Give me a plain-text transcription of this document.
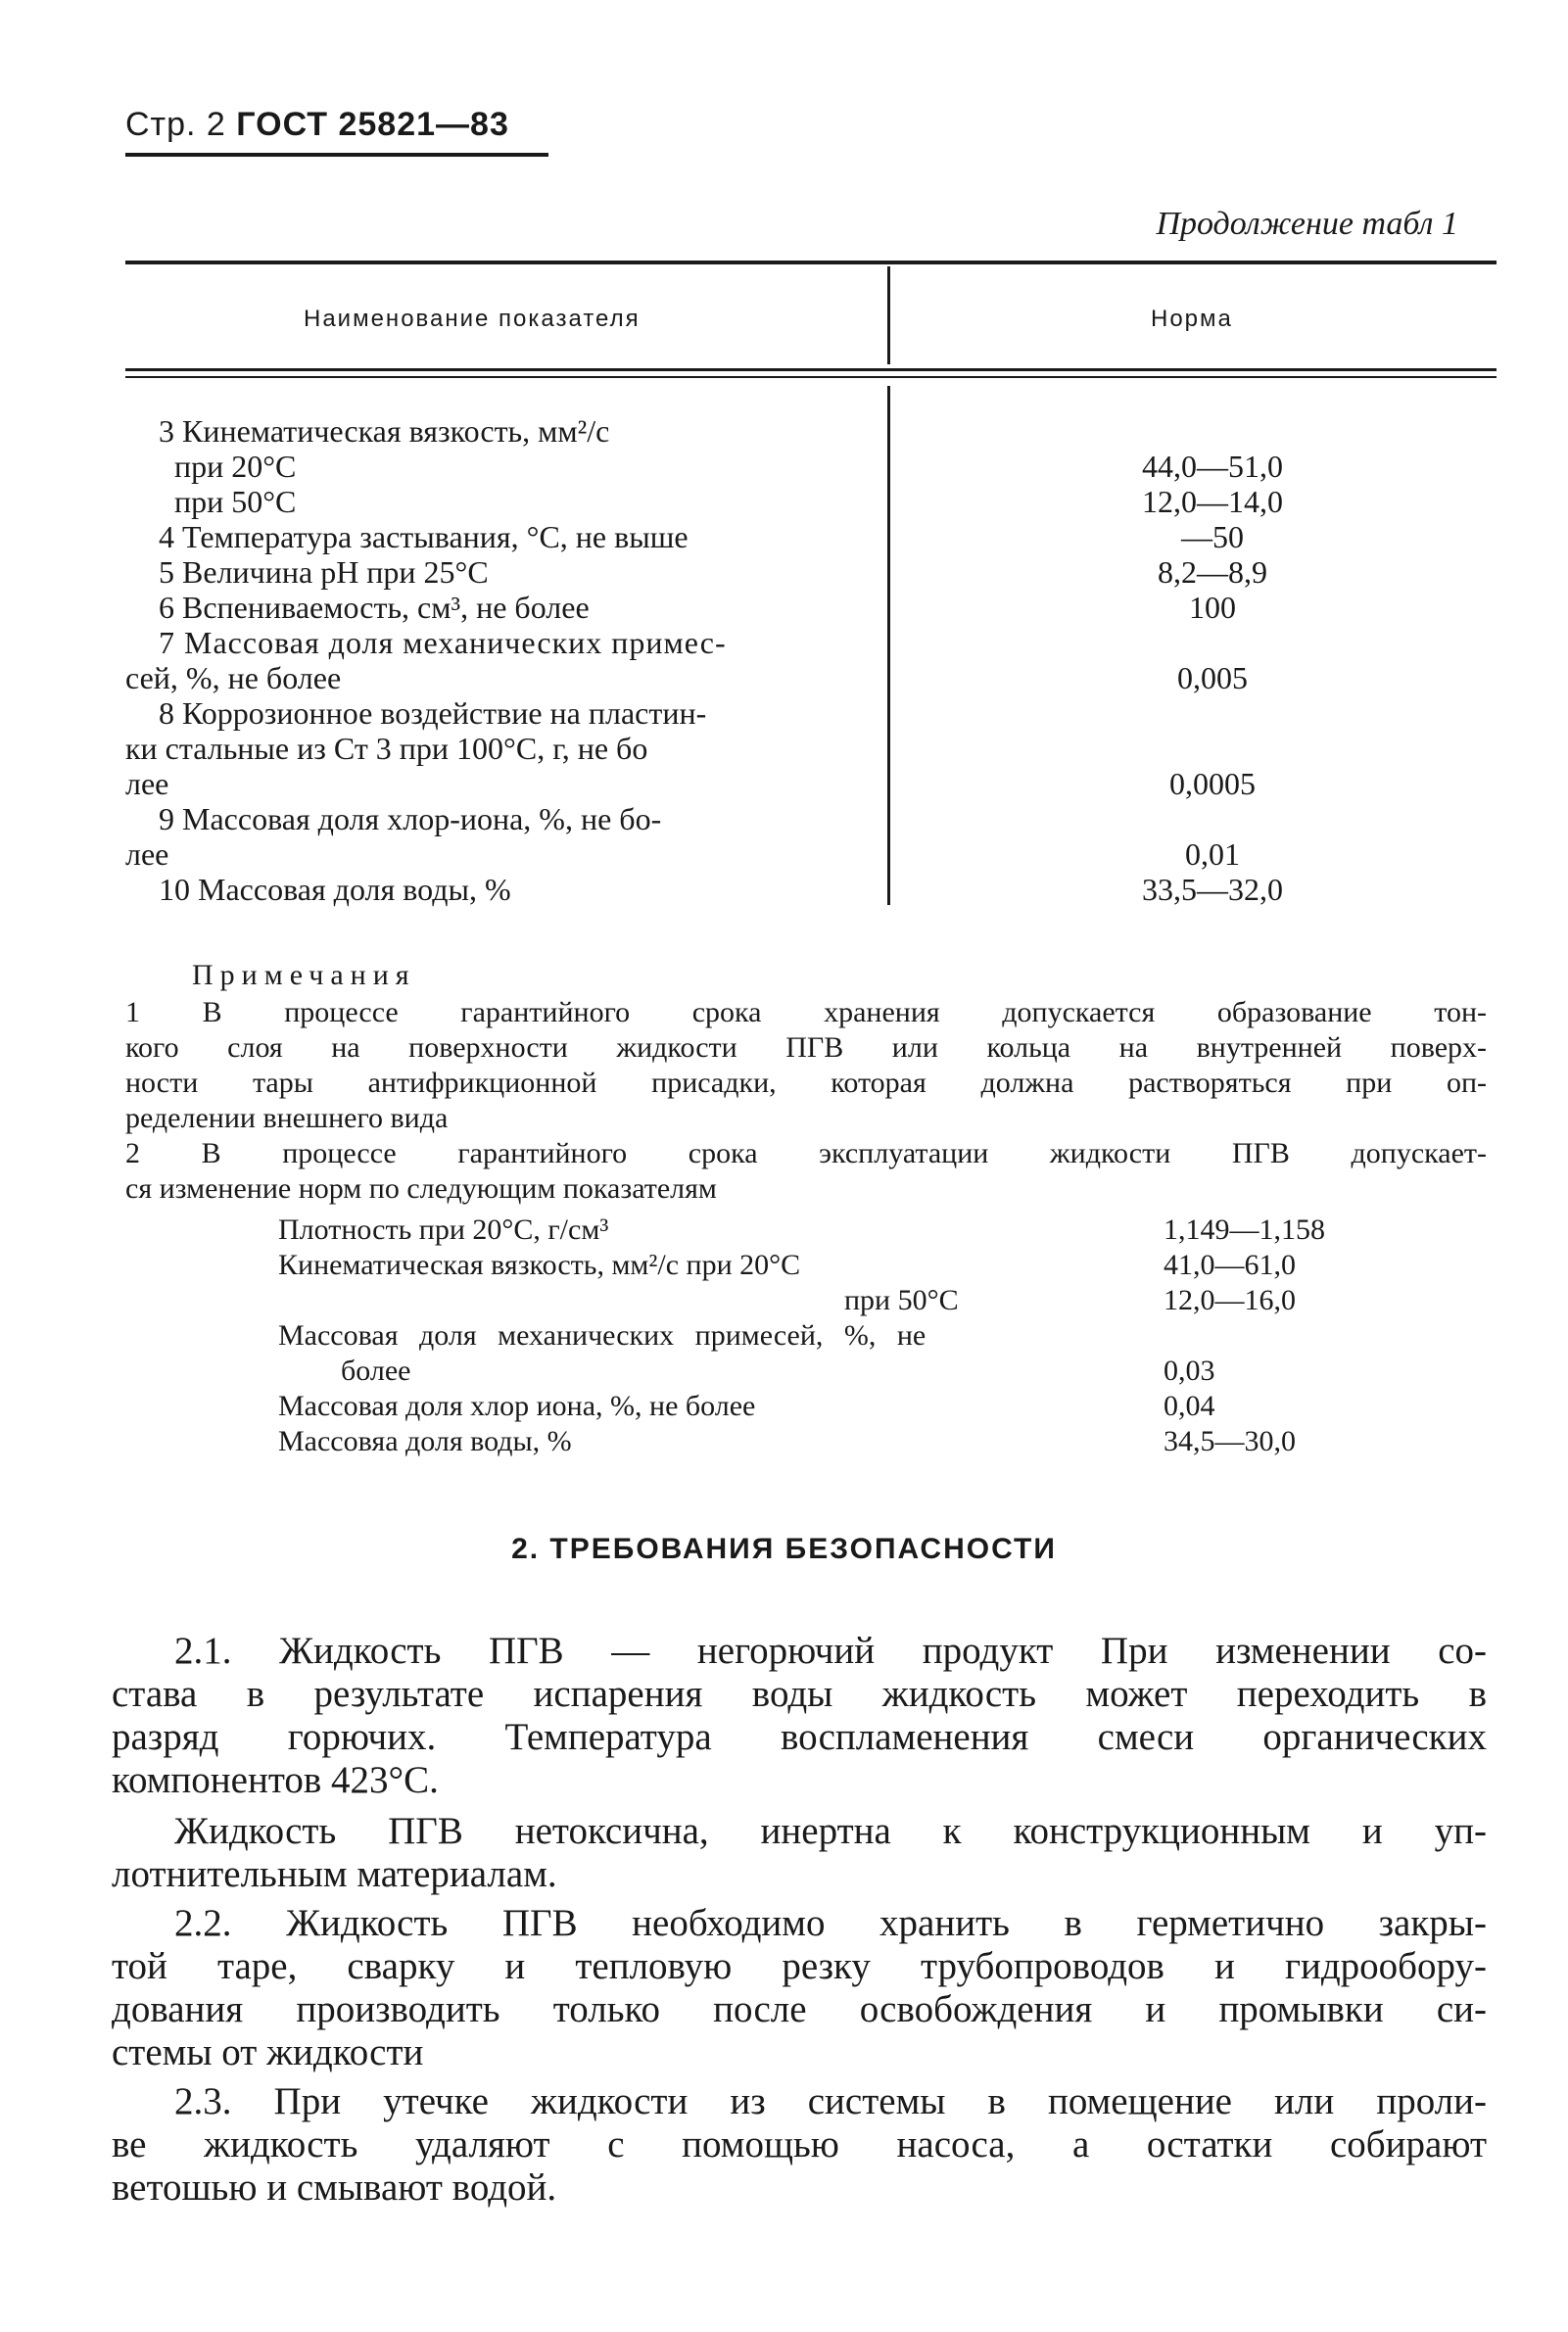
Стр. 2 ГОСТ 25821—83
Продолжение табл 1
Наименование показателя	Норма
3 Кинематическая вязкость, мм²/с
при 20°С
при 50°С
4 Температура застывания, °С, не выше
5 Величина рН при 25°С
6 Вспениваемость, см³, не более
7 Массовая доля механических примес-
сей, %, не более
8 Коррозионное воздействие на пластин-
ки стальные из Ст 3 при 100°С, г, не бо
лее
9 Массовая доля хлор-иона, %, не бо-
лее
10 Массовая доля воды, %
44,0—51,0
12,0—14,0
—50
8,2—8,9
100
0,005
0,0005
0,01
33,5—32,0
Примечания
1 В процессе гарантийного срока хранения допускается образование тон-
кого слоя на поверхности жидкости ПГВ или кольца на внутренней поверх-
ности тары антифрикционной присадки, которая должна растворяться при оп-
ределении внешнего вида
2 В процессе гарантийного срока эксплуатации жидкости ПГВ допускает-
ся изменение норм по следующим показателям
Плотность при 20°С, г/см³
Кинематическая вязкость, мм²/с при 20°С
при 50°С
Массовая доля механических примесей, %, не
более
Массовая доля хлор иона, %, не более
Массовяа доля воды, %
1,149—1,158
41,0—61,0
12,0—16,0
0,03
0,04
34,5—30,0
2. ТРЕБОВАНИЯ БЕЗОПАСНОСТИ
2.1. Жидкость ПГВ — негорючий продукт При изменении со-
става в результате испарения воды жидкость может переходить в
разряд горючих. Температура воспламенения смеси органических
компонентов 423°С.
Жидкость ПГВ нетоксична, инертна к конструкционным и уп-
лотнительным материалам.
2.2. Жидкость ПГВ необходимо хранить в герметично закры-
той таре, сварку и тепловую резку трубопроводов и гидрообору-
дования производить только после освобождения и промывки си-
стемы от жидкости
2.3. При утечке жидкости из системы в помещение или проли-
ве жидкость удаляют с помощью насоса, а остатки собирают
ветошью и смывают водой.
